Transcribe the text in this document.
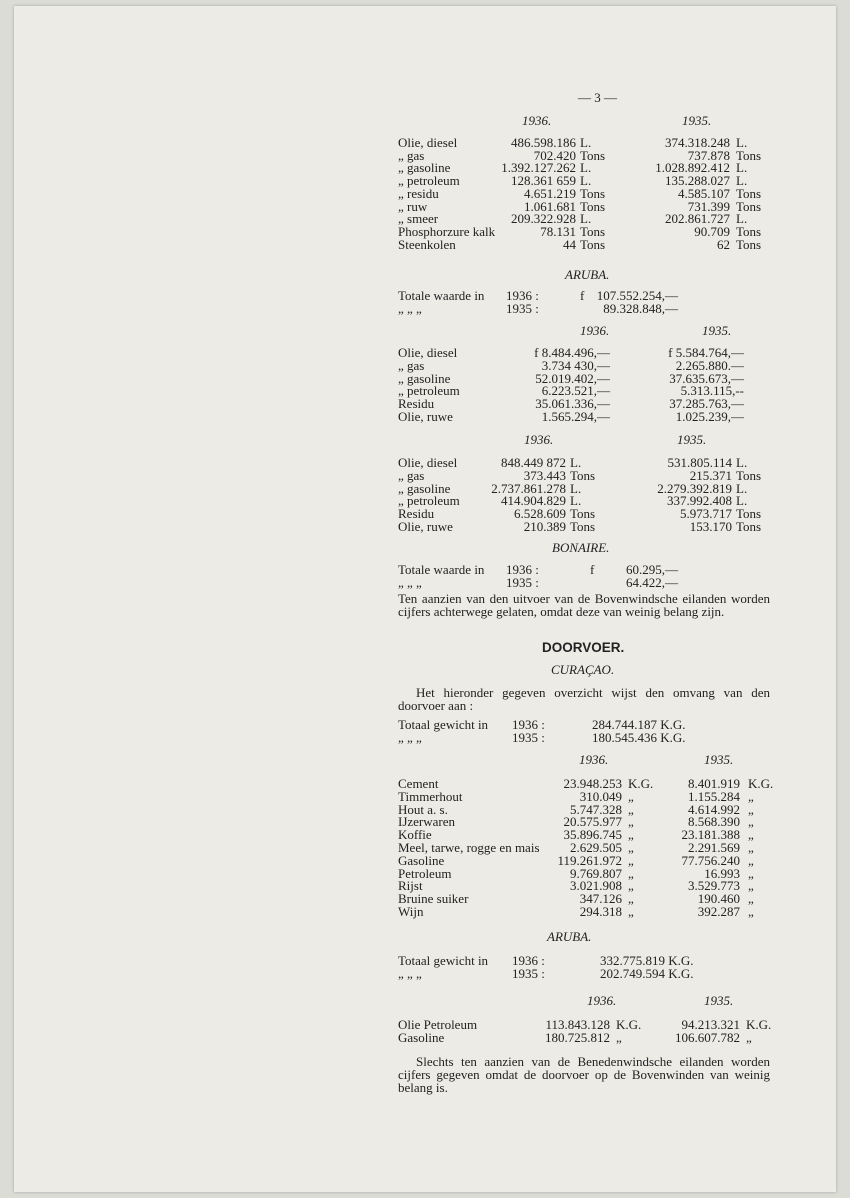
— 3 —
1936.	1935.
Olie, diesel	486.598.186 L.	374.318.248 L.
„ gas	702.420 Tons	737.878 Tons
„ gasoline	1.392.127.262 L.	1.028.892.412 L.
„ petroleum	128.361 659 L.	135.288.027 L.
„ residu	4.651.219 Tons	4.585.107 Tons
„ ruw	1.061.681 Tons	731.399 Tons
„ smeer	209.322.928 L.	202.861.727 L.
Phosphorzure kalk	78.131 Tons	90.709 Tons
Steenkolen	44 Tons	62 Tons
ARUBA.
Totale waarde in 1936 :	f 107.552.254,—
„ „ „	1935 :	89.328.848,—
1936.	1935.
Olie, diesel	f 8.484.496,—	f 5.584.764,—
„ gas	3.734 430,—	2.265.880.—
„ gasoline	52.019.402,—	37.635.673,—
„ petroleum	6.223.521,—	5.313.115,--
Residu	35.061.336,—	37.285.763,—
Olie, ruwe	1.565.294,—	1.025.239,—
1936.	1935.
Olie, diesel	848.449 872 L.	531.805.114 L.
„ gas	373.443 Tons	215.371 Tons
„ gasoline	2.737.861.278 L.	2.279.392.819 L.
„ petroleum	414.904.829 L.	337.992.408 L.
Residu	6.528.609 Tons	5.973.717 Tons
Olie, ruwe	210.389 Tons	153.170 Tons
BONAIRE.
Totale waarde in 1936 :	f 60.295,—
„ „ „	1935 :	64.422,—
Ten aanzien van den uitvoer van de Bovenwindsche eilanden worden cijfers achterwege gelaten, omdat deze van weinig belang zijn.
DOORVOER.
CURAÇAO.
Het hieronder gegeven overzicht wijst den omvang van den doorvoer aan :
Totaal gewicht in 1936 :	284.744.187 K.G.
„ „ „	1935 :	180.545.436 K.G.
1936.	1935.
Cement	23.948.253 K.G.	8.401.919 K.G.
Timmerhout	310.049 „	1.155.284 „
Hout a. s.	5.747.328 „	4.614.992 „
IJzerwaren	20.575.977 „	8.568.390 „
Koffie	35.896.745 „	23.181.388 „
Meel, tarwe, rogge en mais 2.629.505 „	2.291.569 „
Gasoline	119.261.972 „	77.756.240 „
Petroleum	9.769.807 „	16.993 „
Rijst	3.021.908 „	3.529.773 „
Bruine suiker	347.126 „	190.460 „
Wijn	294.318 „	392.287 „
ARUBA.
Totaal gewicht in 1936 :	332.775.819 K.G.
„ „ „	1935 :	202.749.594 K.G.
1936.	1935.
Olie Petroleum	113.843.128 K.G.	94.213.321 K.G.
Gasoline	180.725.812 „	106.607.782 „
Slechts ten aanzien van de Benedenwindsche eilanden worden cijfers gegeven omdat de doorvoer op de Bovenwinden van weinig belang is.
